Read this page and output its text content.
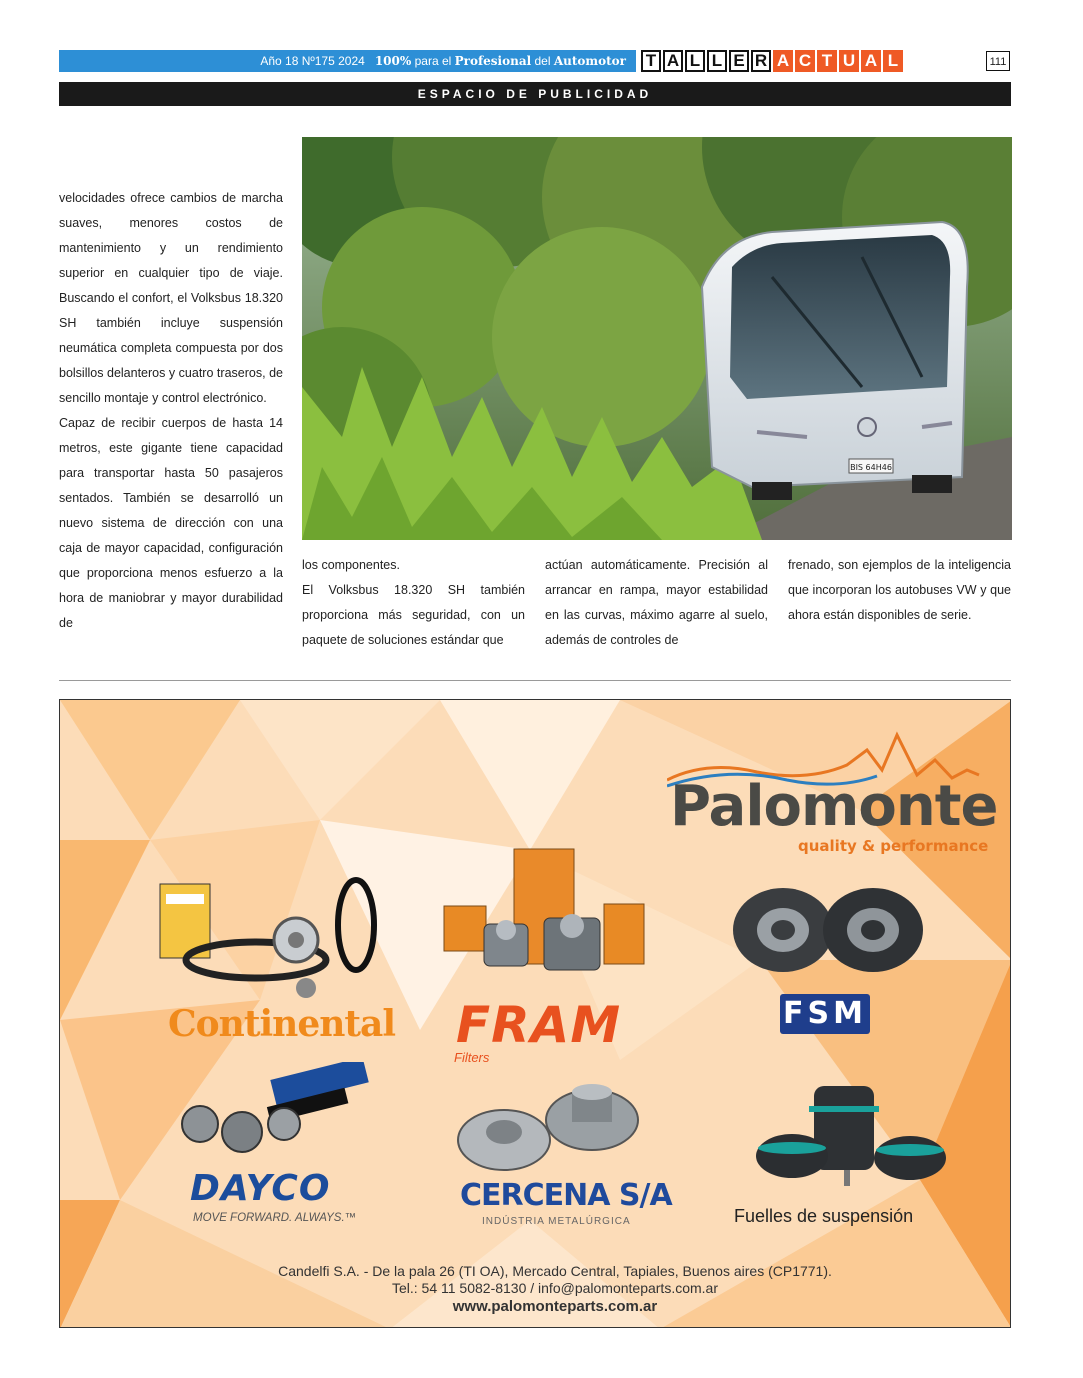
Año 18 Nº175 2024 100% para el Profesional del Automotor	T A L L E R A C T U A L	111
ESPACIO DE PUBLICIDAD

velocidades ofrece cambios de marcha suaves, menores costos de mantenimiento y un rendimiento superior en cualquier tipo de viaje. Buscando el confort, el Volksbus 18.320 SH también incluye suspensión neumática completa compuesta por dos bolsillos delanteros y cuatro traseros, de sencillo montaje y control electrónico.

Capaz de recibir cuerpos de hasta 14 metros, este gigante tiene capacidad para transportar hasta 50 pasajeros sentados. También se desarrolló un nuevo sistema de dirección con una caja de mayor capacidad, configuración que proporciona menos esfuerzo a la hora de maniobrar y mayor durabilidad de

BIS 64H46

los componentes.

El Volksbus 18.320 SH también proporciona más seguridad, con un paquete de soluciones estándar que

actúan automáticamente. Precisión al arrancar en rampa, mayor estabilidad en las curvas, máximo agarre al suelo, además de controles de

frenado, son ejemplos de la inteligencia que incorporan los autobuses VW y que ahora están disponibles de serie.

Palomonte
quality & performance
Continental FRAM
Filters
FSM
DAYCO
MOVE FORWARD. ALWAYS.™
CERCENA S/A
INDÚSTRIA METALÚRGICA	Fuelles de suspensión
Candelfi S.A. - De la pala 26 (TI OA), Mercado Central, Tapiales, Buenos aires (CP1771).
Tel.: 54 11 5082-8130 / info@palomonteparts.com.ar
www.palomonteparts.com.ar
